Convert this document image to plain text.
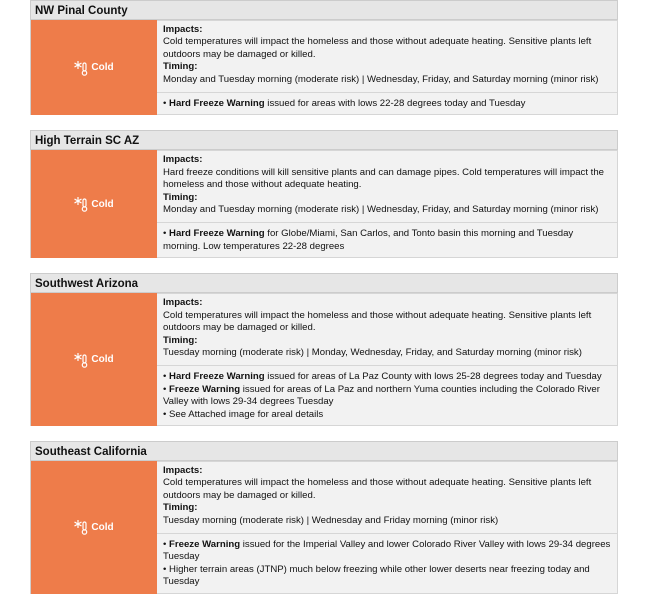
NW Pinal County
Cold
Impacts:
Cold temperatures will impact the homeless and those without adequate heating. Sensitive plants left outdoors may be damaged or killed.
Timing:
Monday and Tuesday morning (moderate risk) | Wednesday, Friday, and Saturday morning (minor risk)
• Hard Freeze Warning issued for areas with lows 22-28 degrees today and Tuesday
High Terrain SC AZ
Cold
Impacts:
Hard freeze conditions will kill sensitive plants and can damage pipes. Cold temperatures will impact the homeless and those without adequate heating.
Timing:
Monday and Tuesday morning (moderate risk) | Wednesday, Friday, and Saturday morning (minor risk)
• Hard Freeze Warning for Globe/Miami, San Carlos, and Tonto basin this morning and Tuesday morning. Low temperatures 22-28 degrees
Southwest Arizona
Cold
Impacts:
Cold temperatures will impact the homeless and those without adequate heating. Sensitive plants left outdoors may be damaged or killed.
Timing:
Tuesday morning (moderate risk) | Monday, Wednesday, Friday, and Saturday morning (minor risk)
• Hard Freeze Warning issued for areas of La Paz County with lows 25-28 degrees today and Tuesday
• Freeze Warning issued for areas of La Paz and northern Yuma counties including the Colorado River Valley with lows 29-34 degrees Tuesday
• See Attached image for areal details
Southeast California
Cold
Impacts:
Cold temperatures will impact the homeless and those without adequate heating. Sensitive plants left outdoors may be damaged or killed.
Timing:
Tuesday morning (moderate risk) | Wednesday and Friday morning (minor risk)
• Freeze Warning issued for the Imperial Valley and lower Colorado River Valley with lows 29-34 degrees Tuesday
• Higher terrain areas (JTNP) much below freezing while other lower deserts near freezing today and Tuesday
